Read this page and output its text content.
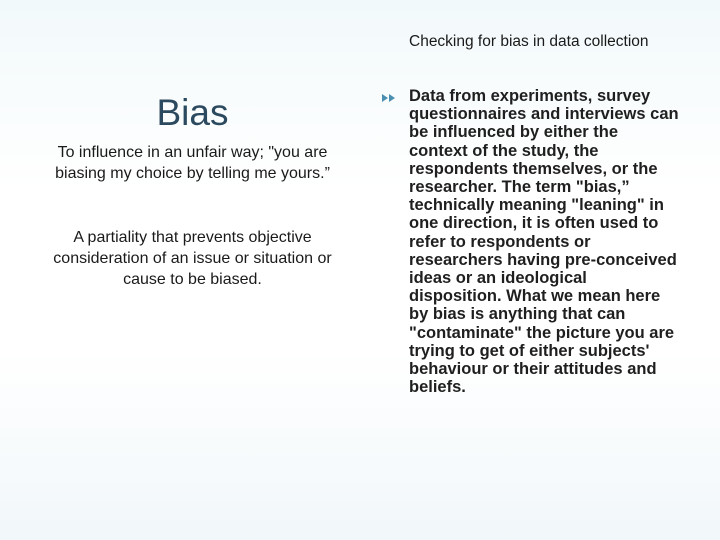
Bias
To influence in an unfair way; "you are biasing my choice by telling me yours.”
A partiality that prevents objective consideration of an issue or situation or cause to be biased.
Checking for bias in data collection
Data from experiments, survey questionnaires and interviews can be influenced by either the context of the study, the respondents themselves, or the researcher. The term "bias,” technically meaning "leaning" in one direction, it is often used to refer to respondents or researchers having pre-conceived ideas or an ideological disposition. What we mean here by bias is anything that can "contaminate" the picture you are trying to get of either subjects' behaviour or their attitudes and beliefs.
